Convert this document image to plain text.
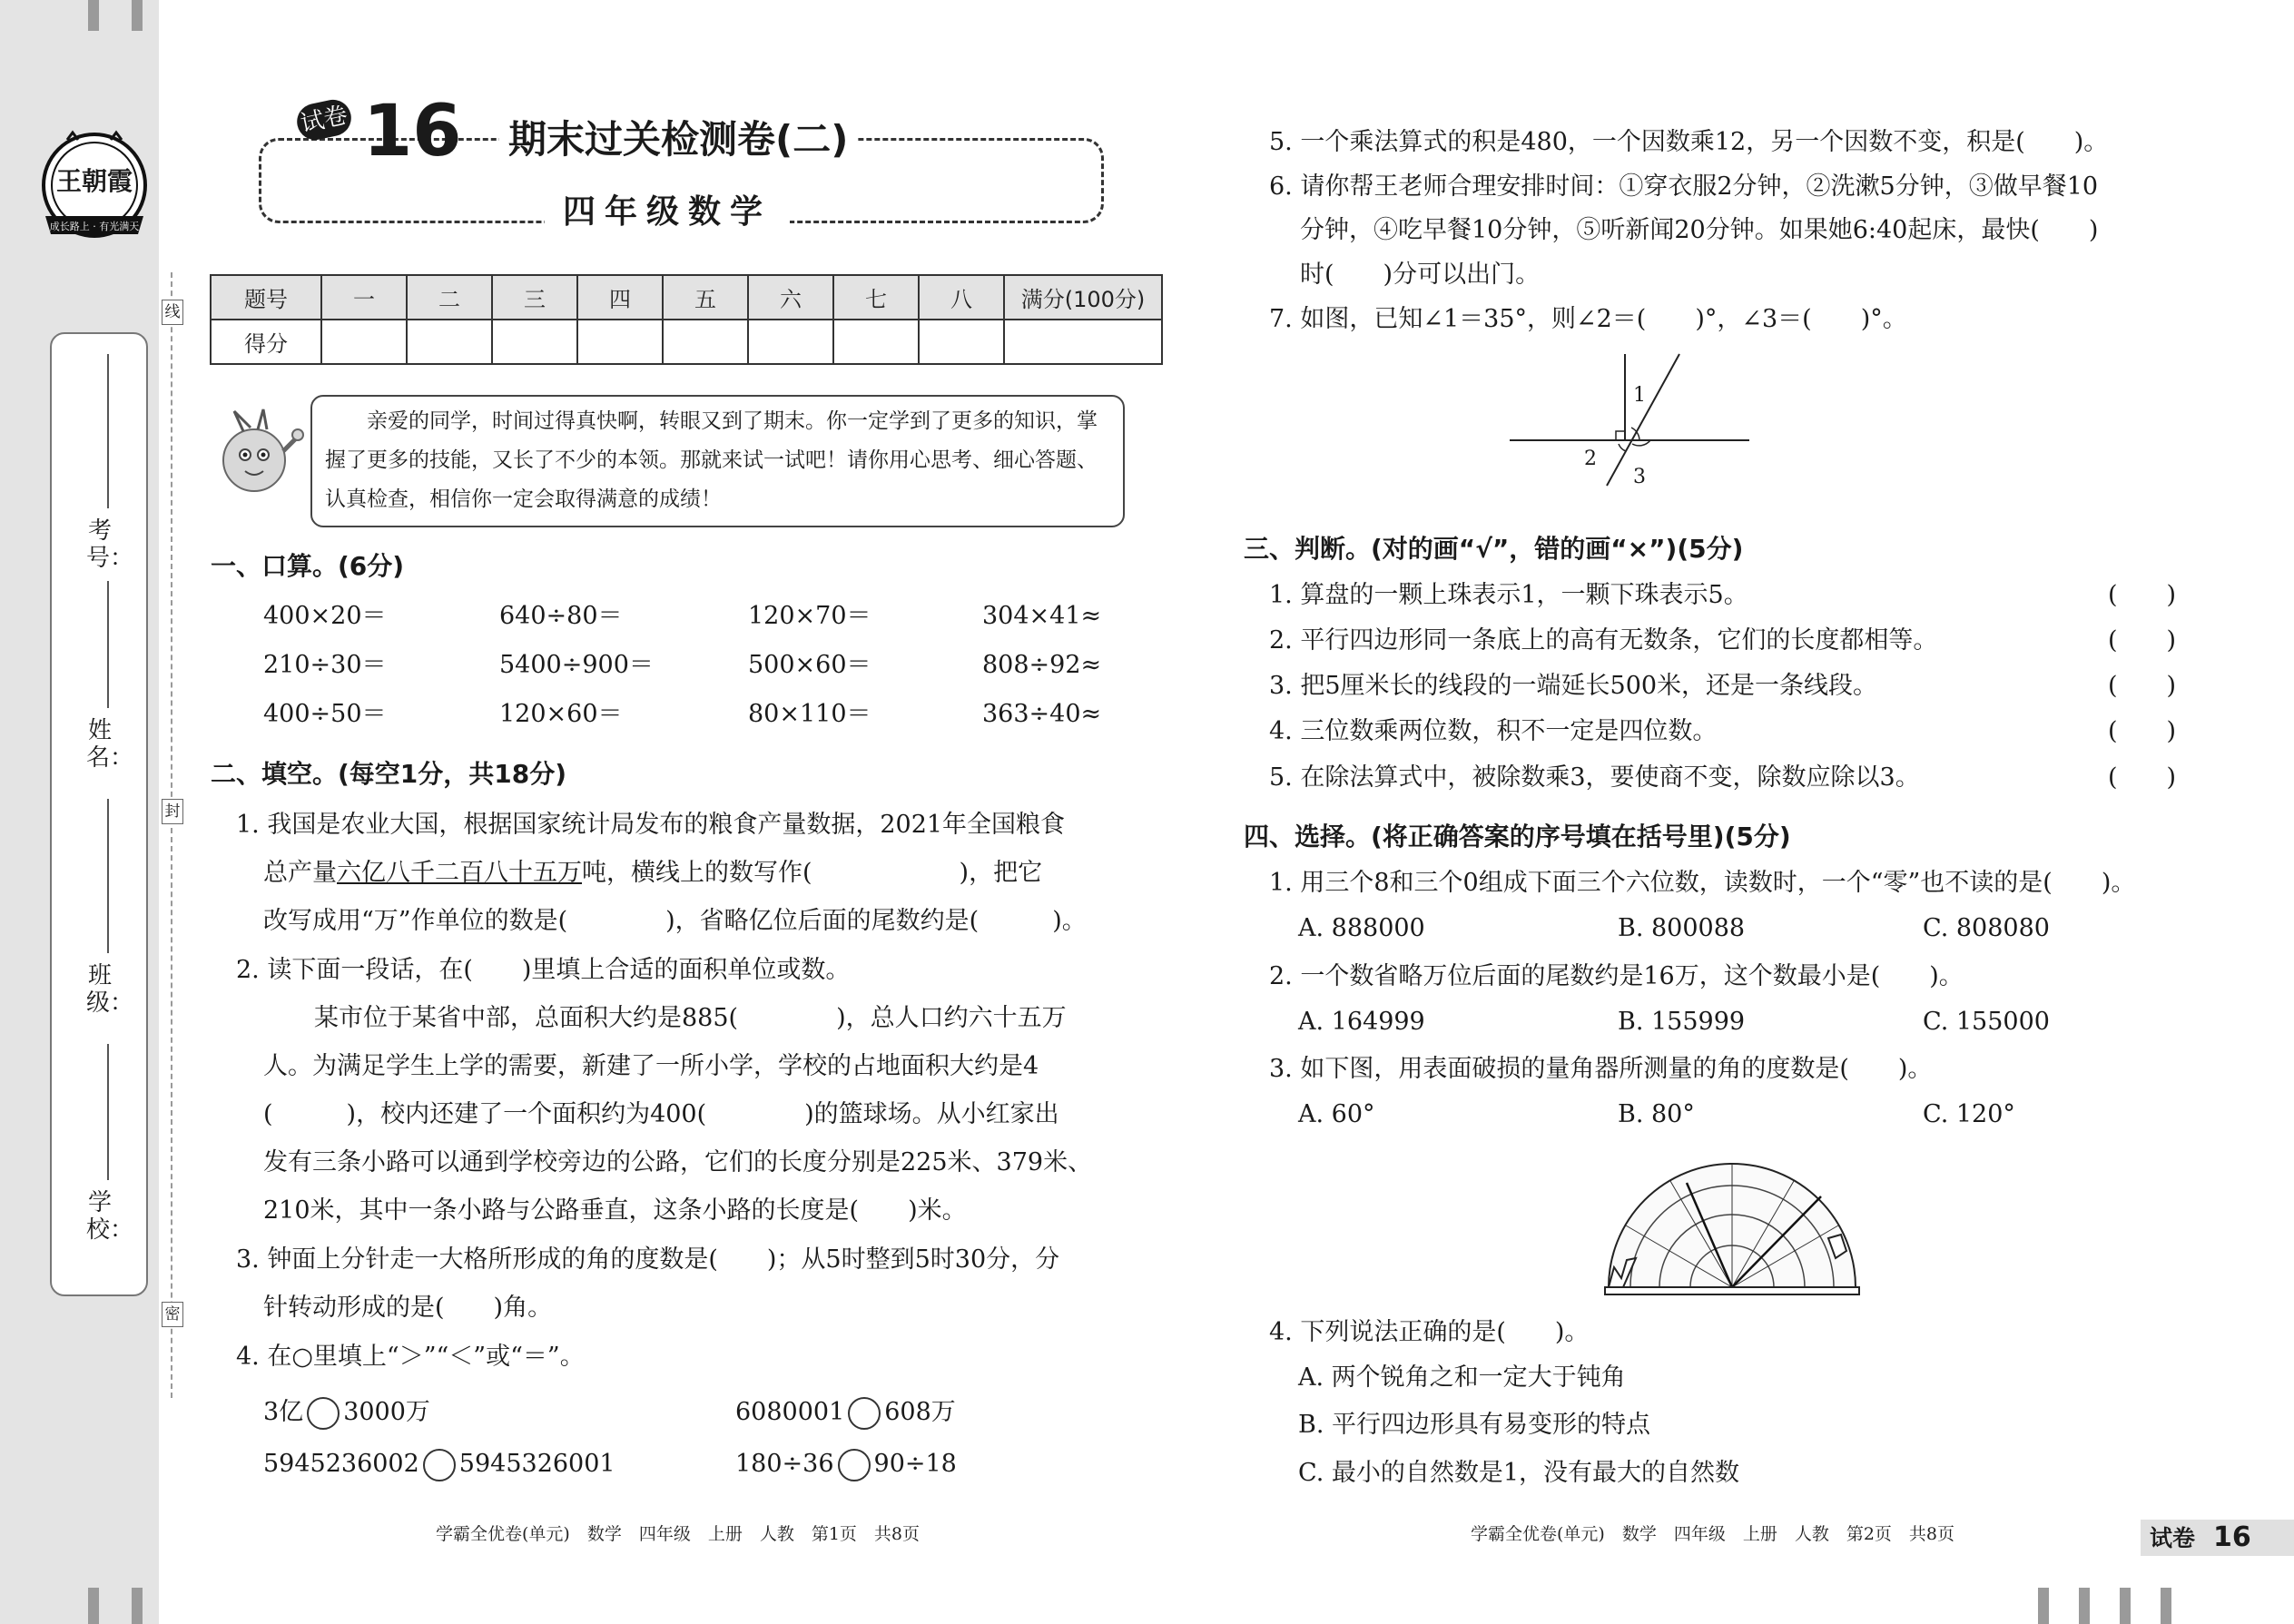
王朝霞
成长路上 · 有光满天
考号：
姓名：
班级：
学校：
线
封
密
试卷 16 期末过关检测卷(二)
四年级数学
题号	一	二	三	四	五	六	七	八	满分(100分)
得分									
亲爱的同学，时间过得真快啊，转眼又到了期末。你一定学到了更多的知识，掌握了更多的技能，又长了不少的本领。那就来试一试吧！请你用心思考、细心答题、认真检查，相信你一定会取得满意的成绩！
一、口算。(6分)
400×20＝	640÷80＝	120×70＝	304×41≈
210÷30＝	5400÷900＝	500×60＝	808÷92≈
400÷50＝	120×60＝	80×110＝	363÷40≈
二、填空。(每空1分，共18分)
1. 我国是农业大国，根据国家统计局发布的粮食产量数据，2021年全国粮食
总产量六亿八千二百八十五万吨，横线上的数写作(　　　　　　)，把它
改写成用“万”作单位的数是(　　　　)，省略亿位后面的尾数约是(　　　)。
2. 读下面一段话，在(　　)里填上合适的面积单位或数。
某市位于某省中部，总面积大约是885(　　　　)，总人口约六十五万
人。为满足学生上学的需要，新建了一所小学，学校的占地面积大约是4
(　　　)，校内还建了一个面积约为400(　　　　)的篮球场。从小红家出
发有三条小路可以通到学校旁边的公路，它们的长度分别是225米、379米、
210米，其中一条小路与公路垂直，这条小路的长度是(　　)米。
3. 钟面上分针走一大格所形成的角的度数是(　　)；从5时整到5时30分，分
针转动形成的是(　　)角。
4. 在○里填上“＞”“＜”或“＝”。
3亿 3000万	6080001 608万
5945236002 5945326001	180÷36 90÷18
学霸全优卷(单元)　数学　四年级　上册　人教　第1页　共8页
5. 一个乘法算式的积是480，一个因数乘12，另一个因数不变，积是(　　)。
6. 请你帮王老师合理安排时间：①穿衣服2分钟，②洗漱5分钟，③做早餐10
分钟，④吃早餐10分钟，⑤听新闻20分钟。如果她6:40起床，最快(　　)
时(　　)分可以出门。
7. 如图，已知∠1＝35°，则∠2＝(　　)°，∠3＝(　　)°。
1
2
3
三、判断。(对的画“√”，错的画“×”)(5分)
1. 算盘的一颗上珠表示1，一颗下珠表示5。	(　　)
2. 平行四边形同一条底上的高有无数条，它们的长度都相等。	(　　)
3. 把5厘米长的线段的一端延长500米，还是一条线段。	(　　)
4. 三位数乘两位数，积不一定是四位数。	(　　)
5. 在除法算式中，被除数乘3，要使商不变，除数应除以3。	(　　)
四、选择。(将正确答案的序号填在括号里)(5分)
1. 用三个8和三个0组成下面三个六位数，读数时，一个“零”也不读的是(　　)。
A. 888000	B. 800088	C. 808080
2. 一个数省略万位后面的尾数约是16万，这个数最小是(　　)。
A. 164999	B. 155999	C. 155000
3. 如下图，用表面破损的量角器所测量的角的度数是(　　)。
A. 60°	B. 80°	C. 120°
4. 下列说法正确的是(　　)。
A. 两个锐角之和一定大于钝角
B. 平行四边形具有易变形的特点
C. 最小的自然数是1，没有最大的自然数
学霸全优卷(单元)　数学　四年级　上册　人教　第2页　共8页	试卷 16
